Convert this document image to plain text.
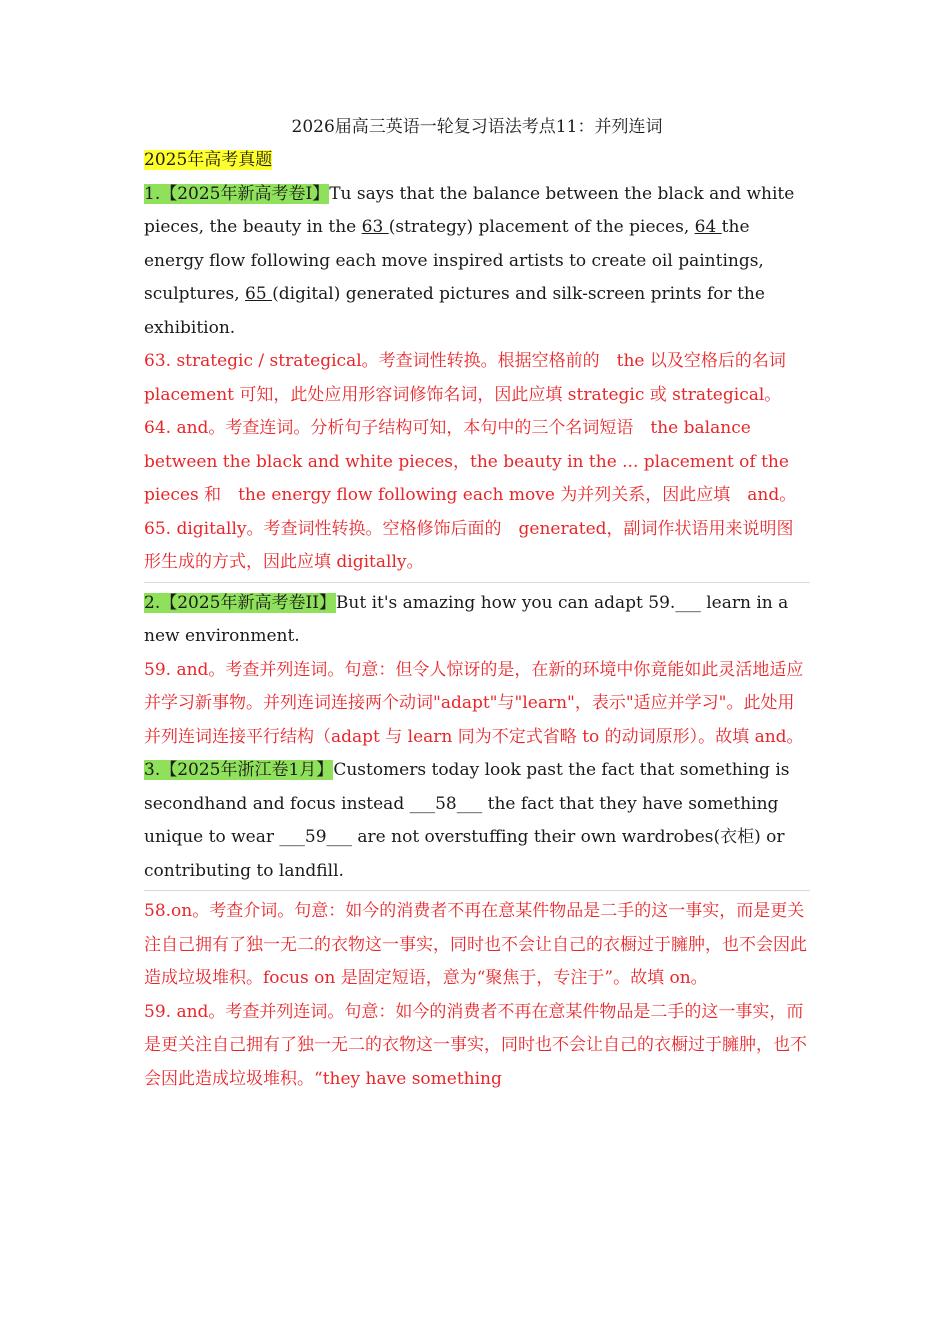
2026届高三英语一轮复习语法考点11：并列连词

2025年高考真题

1.【2025年新高考卷I】Tu says that the balance between the black and white pieces, the beauty in the 63 (strategy) placement of the pieces, 64 the energy flow following each move inspired artists to create oil paintings, sculptures, 65 (digital) generated pictures and silk-screen prints for the exhibition.

63. strategic / strategical。考查词性转换。根据空格前的　the 以及空格后的名词 placement 可知，此处应用形容词修饰名词，因此应填 strategic 或 strategical。

64. and。考查连词。分析句子结构可知，本句中的三个名词短语　the balance between the black and white pieces，the beauty in the ... placement of the pieces 和　the energy flow following each move 为并列关系，因此应填　and。

65. digitally。考查词性转换。空格修饰后面的　generated，副词作状语用来说明图形生成的方式，因此应填 digitally。

2.【2025年新高考卷II】But it's amazing how you can adapt 59.___ learn in a new environment.

59. and。考查并列连词。句意：但令人惊讶的是，在新的环境中你竟能如此灵活地适应并学习新事物。并列连词连接两个动词"adapt"与"learn"，表示"适应并学习"。此处用并列连词连接平行结构（adapt 与 learn 同为不定式省略 to 的动词原形）。故填 and。

3.【2025年浙江卷1月】Customers today look past the fact that something is secondhand and focus instead ___58___ the fact that they have something unique to wear ___59___ are not overstuffing their own wardrobes(衣柜) or contributing to landfill.

58.on。考查介词。句意：如今的消费者不再在意某件物品是二手的这一事实，而是更关注自己拥有了独一无二的衣物这一事实，同时也不会让自己的衣橱过于臃肿，也不会因此造成垃圾堆积。focus on 是固定短语，意为“聚焦于，专注于”。故填 on。

59. and。考查并列连词。句意：如今的消费者不再在意某件物品是二手的这一事实，而是更关注自己拥有了独一无二的衣物这一事实，同时也不会让自己的衣橱过于臃肿，也不会因此造成垃圾堆积。“they have something
